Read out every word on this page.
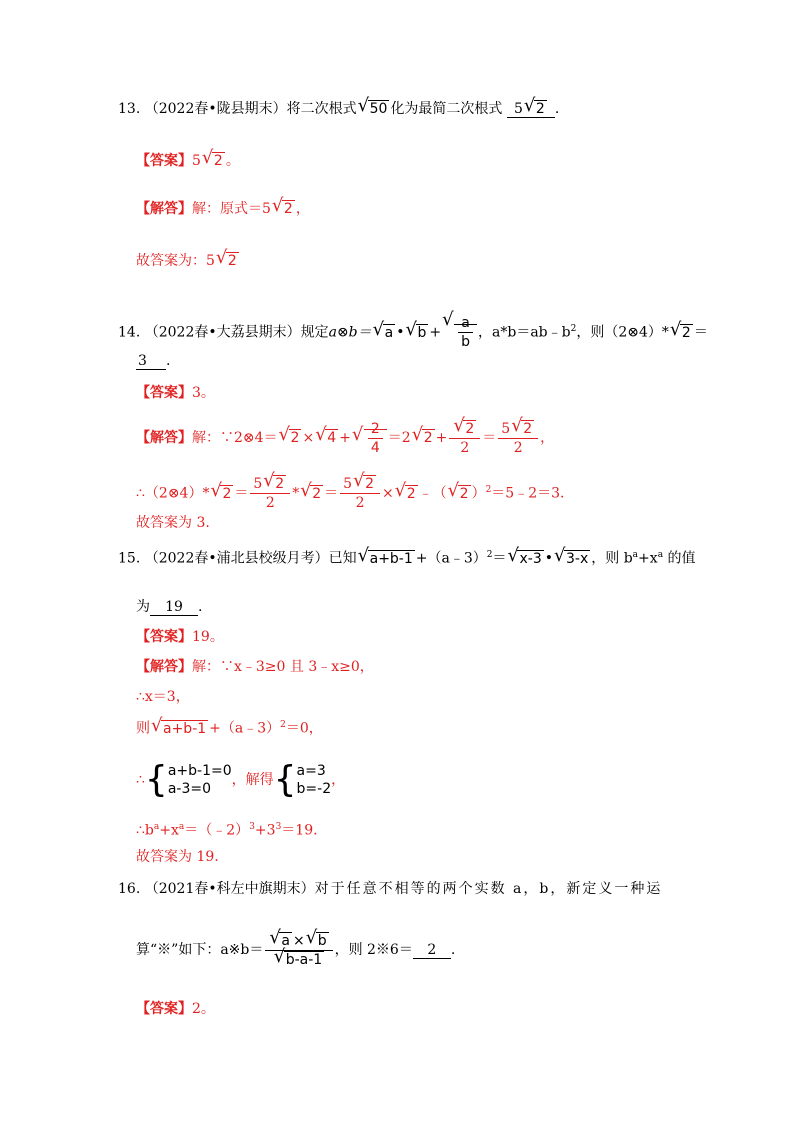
13. （2022春•陇县期末）将二次根式√ 50 化为最简二次根式 5√ 2 .
【答案】5√ 2 。
【解答】解：原式＝5√ 2 ，
故答案为：5√ 2
14. （2022春•大荔县期末）规定a⊗b＝√ a •√ b +
√ $\frac{a}{b}$ ，$a*b=ab﹣b^2$，则（2⊗4）*√ 2 ＝
3 .
【答案】3。
【解答】解：∵2⊗4＝√ 2 ×√ 4 +
√ $\frac{2}{4} =2√$ 2 +
√ $\frac{2}{2} = \frac{5√ 2}{2}$ ，
∴（2⊗4）*√ $2 = \frac{5√ 2}{2}$ *√ $2 = \frac{5√ 2}{2}$ ×√ 2 ﹣（√ 2 ）$^2$＝5﹣2＝3.
故答案为 3.
15. （2022春•浦北县校级月考）已知√ a+b-1 +（a﹣3）$^2$＝√ x-3 •√ 3-x ，则 $b^a+x^a$ 的值
为 19 .
【答案】19。
【解答】解：∵x﹣3≥0 且 3﹣x≥0，
∴x＝3，
则√ a+b-1 +（a﹣3）$^2$＝0，
∴ { a+b-1=0
a-3=0
，解得 { a=3
b=-2
，
$\therefore b^a+x^a=(﹣2)^3+3^3=19$.
故答案为 19.
16. （2021春•科左中旗期末）对于任意不相等的两个实数 a，b，新定义一种运
算“※”如下：a※b＝
√ a ×√ b
√ b-a-1 ，则 2※6＝ 2 .
【答案】2。
